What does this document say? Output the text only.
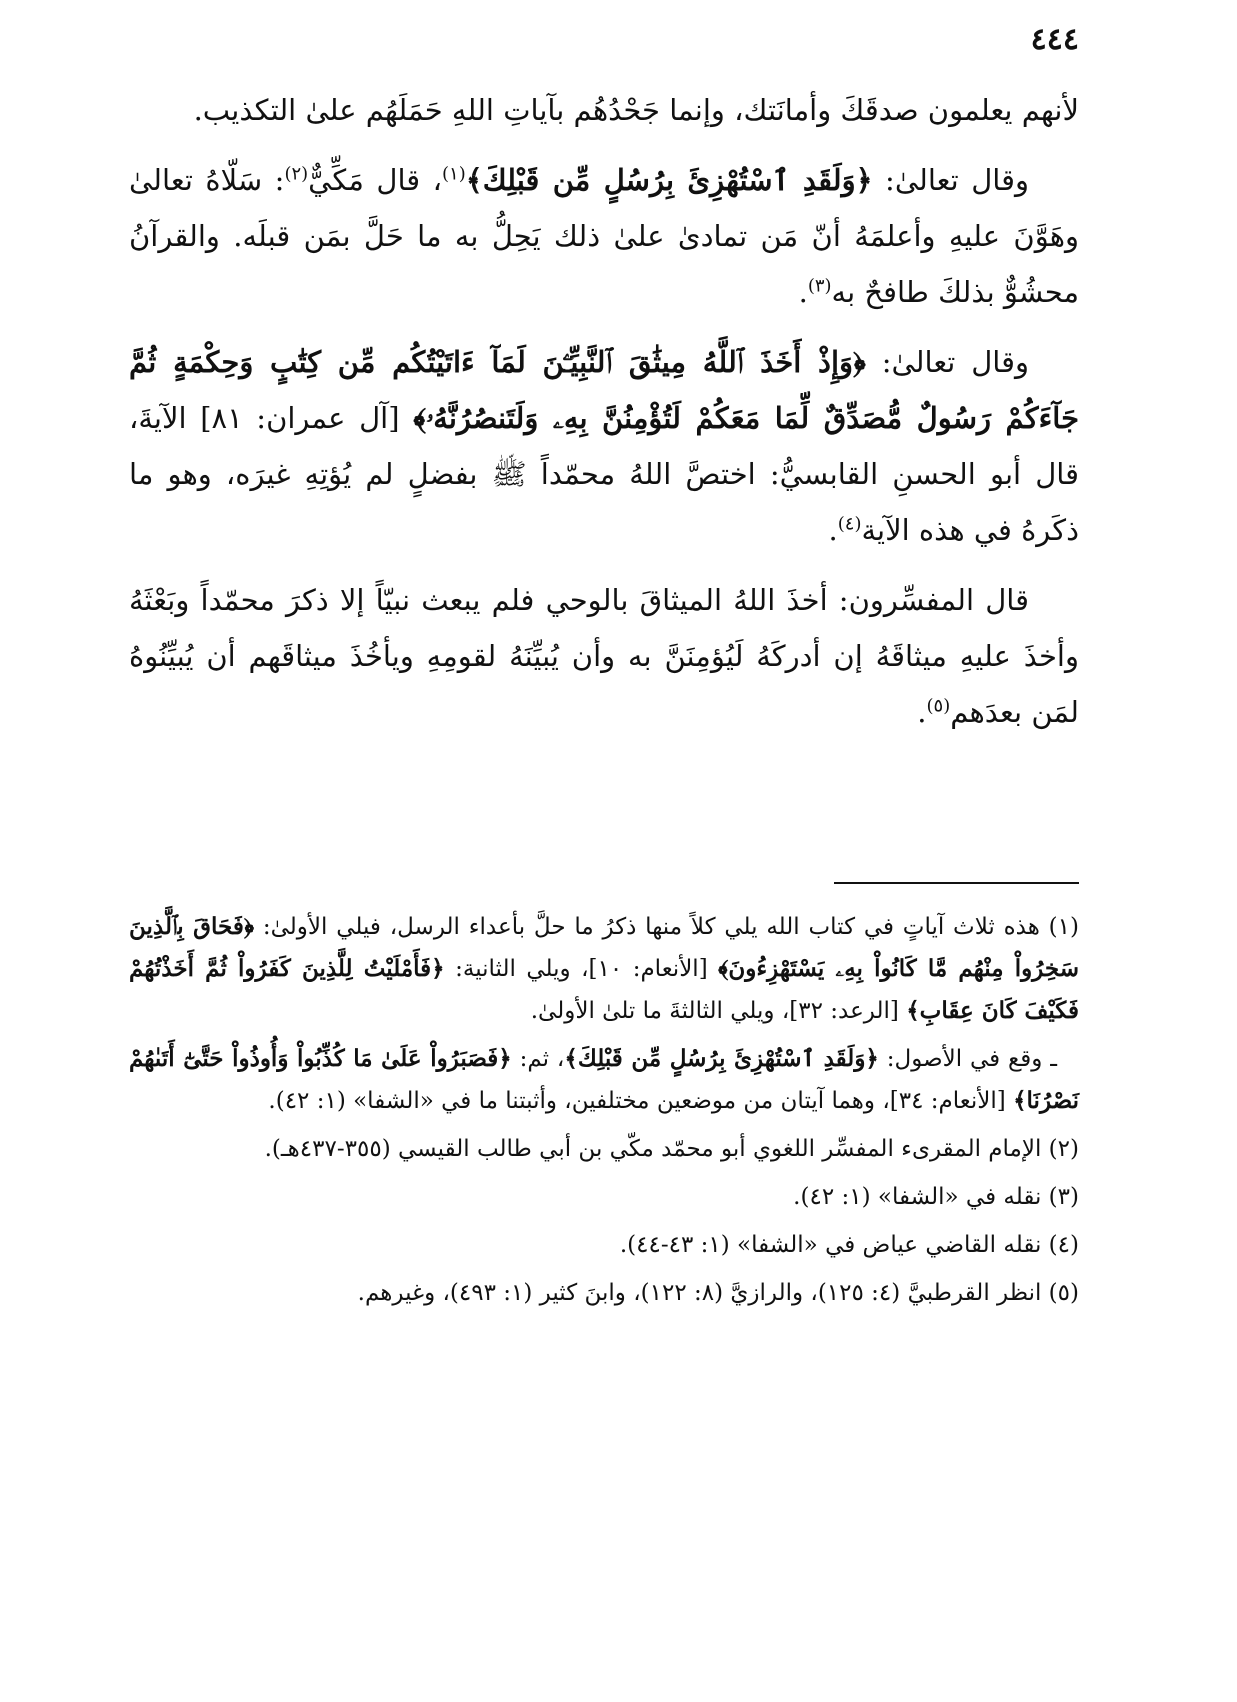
٤٤٤

لأنهم يعلمون صدقَكَ وأمانَتك، وإنما جَحْدُهُم بآياتِ اللهِ حَمَلَهُم علىٰ التكذيب.

وقال تعالىٰ: ﴿وَلَقَدِ ٱسْتُهْزِئَ بِرُسُلٍ مِّن قَبْلِكَ﴾$^{(١)}$، قال مَكِّيٌّ$^{(٢)}$: سَلّاهُ تعالىٰ وهَوَّنَ عليهِ وأعلمَهُ أنّ مَن تمادىٰ علىٰ ذلك يَحِلُّ به ما حَلَّ بمَن قبلَه. والقرآنُ محشُوٌّ بذلكَ طافحٌ به$^{(٣)}$.

وقال تعالىٰ: ﴿وَإِذْ أَخَذَ ٱللَّهُ مِيثَٰقَ ٱلنَّبِيِّـۧنَ لَمَآ ءَاتَيْتُكُم مِّن كِتَٰبٍ وَحِكْمَةٍ ثُمَّ جَآءَكُمْ رَسُولٌ مُّصَدِّقٌ لِّمَا مَعَكُمْ لَتُؤْمِنُنَّ بِهِۦ وَلَتَنصُرُنَّهُۥ﴾ [آل عمران: ٨١] الآيةَ، قال أبو الحسنِ القابسيُّ: اختصَّ اللهُ محمّداً ﷺ بفضلٍ لم يُؤتِهِ غيرَه، وهو ما ذكَرهُ في هذه الآية$^{(٤)}$.

قال المفسِّرون: أخذَ اللهُ الميثاقَ بالوحي فلم يبعث نبيّاً إلا ذكرَ محمّداً وبَعْثَهُ وأخذَ عليهِ ميثاقَهُ إن أدركَهُ لَيُؤمِنَنَّ به وأن يُبيِّنَهُ لقومِهِ ويأخُذَ ميثاقَهم أن يُبيِّنُوهُ لمَن بعدَهم$^{(٥)}$.

(١) هذه ثلاث آياتٍ في كتاب الله يلي كلاً منها ذكرُ ما حلَّ بأعداء الرسل، فيلي الأولىٰ: ﴿فَحَاقَ بِٱلَّذِينَ سَخِرُواْ مِنْهُم مَّا كَانُواْ بِهِۦ يَسْتَهْزِءُونَ﴾ [الأنعام: ١٠]، ويلي الثانية: ﴿فَأَمْلَيْتُ لِلَّذِينَ كَفَرُواْ ثُمَّ أَخَذْتُهُمْ فَكَيْفَ كَانَ عِقَابِ﴾ [الرعد: ٣٢]، ويلي الثالثةَ ما تلىٰ الأولىٰ.

ـ وقع في الأصول: ﴿وَلَقَدِ ٱسْتُهْزِئَ بِرُسُلٍ مِّن قَبْلِكَ﴾، ثم: ﴿فَصَبَرُواْ عَلَىٰ مَا كُذِّبُواْ وَأُوذُواْ حَتَّىٰٓ أَتَىٰهُمْ نَصْرُنَا﴾ [الأنعام: ٣٤]، وهما آيتان من موضعين مختلفين، وأثبتنا ما في «الشفا» (١: ٤٢).

(٢) الإمام المقرىء المفسِّر اللغوي أبو محمّد مكّي بن أبي طالب القيسي (٣٥٥-٤٣٧هـ).

(٣) نقله في «الشفا» (١: ٤٢).

(٤) نقله القاضي عياض في «الشفا» (١: ٤٣-٤٤).

(٥) انظر القرطبيَّ (٤: ١٢٥)، والرازيَّ (٨: ١٢٢)، وابنَ كثير (١: ٤٩٣)، وغيرهم.
